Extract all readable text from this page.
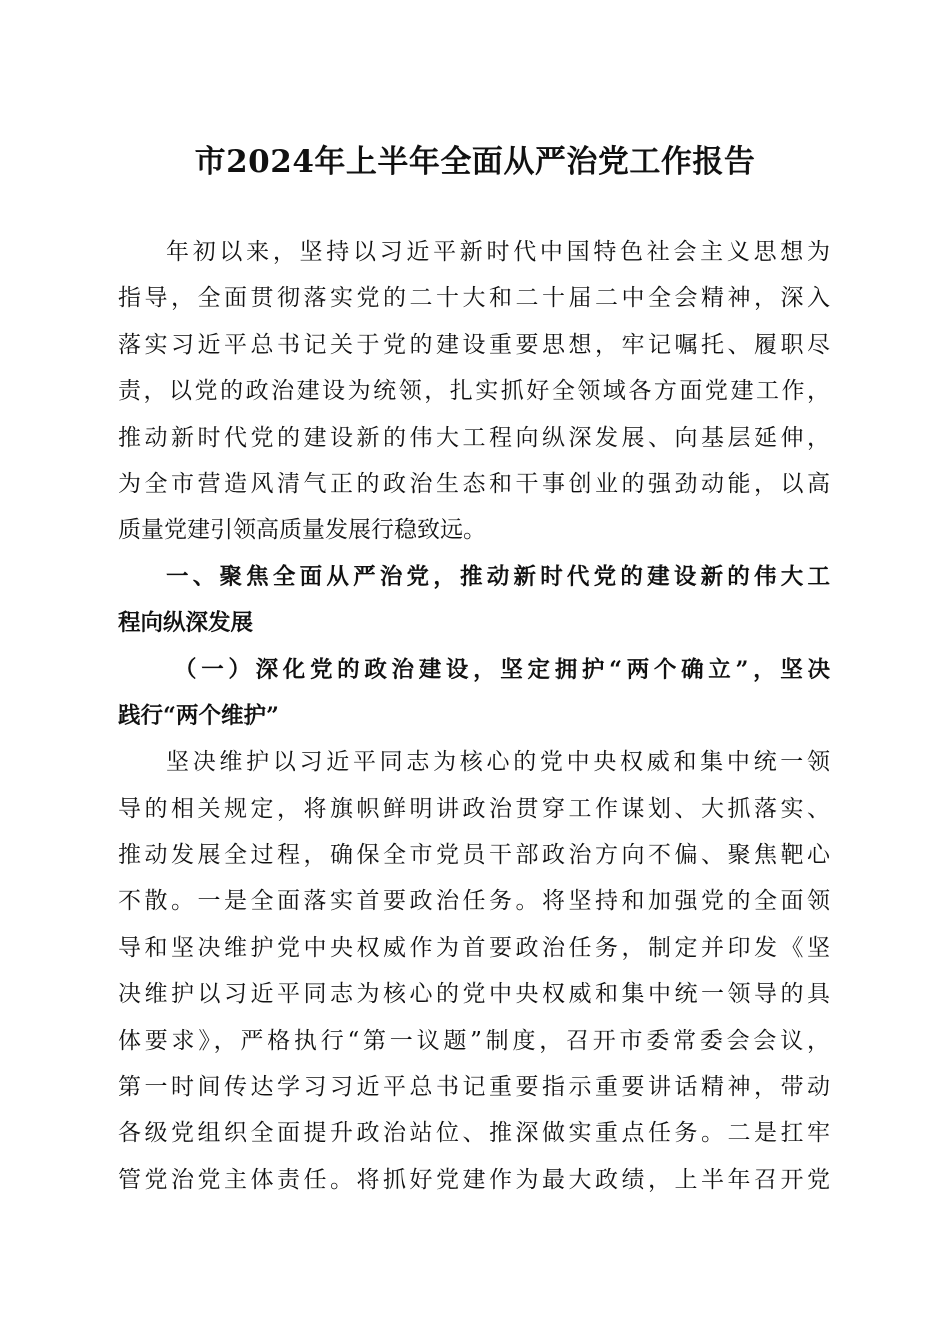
市2024年上半年全面从严治党工作报告
年初以来，坚持以习近平新时代中国特色社会主义思想为
指导，全面贯彻落实党的二十大和二十届二中全会精神，深入
落实习近平总书记关于党的建设重要思想，牢记嘱托、履职尽
责，以党的政治建设为统领，扎实抓好全领域各方面党建工作，
推动新时代党的建设新的伟大工程向纵深发展、向基层延伸，
为全市营造风清气正的政治生态和干事创业的强劲动能，以高
质量党建引领高质量发展行稳致远。
一、聚焦全面从严治党，推动新时代党的建设新的伟大工
程向纵深发展
（一）深化党的政治建设，坚定拥护“两个确立”，坚决
践行“两个维护”
坚决维护以习近平同志为核心的党中央权威和集中统一领
导的相关规定，将旗帜鲜明讲政治贯穿工作谋划、大抓落实、
推动发展全过程，确保全市党员干部政治方向不偏、聚焦靶心
不散。一是全面落实首要政治任务。将坚持和加强党的全面领
导和坚决维护党中央权威作为首要政治任务，制定并印发《坚
决维护以习近平同志为核心的党中央权威和集中统一领导的具
体要求》，严格执行“第一议题”制度，召开市委常委会会议，
第一时间传达学习习近平总书记重要指示重要讲话精神，带动
各级党组织全面提升政治站位、推深做实重点任务。二是扛牢
管党治党主体责任。将抓好党建作为最大政绩，上半年召开党
